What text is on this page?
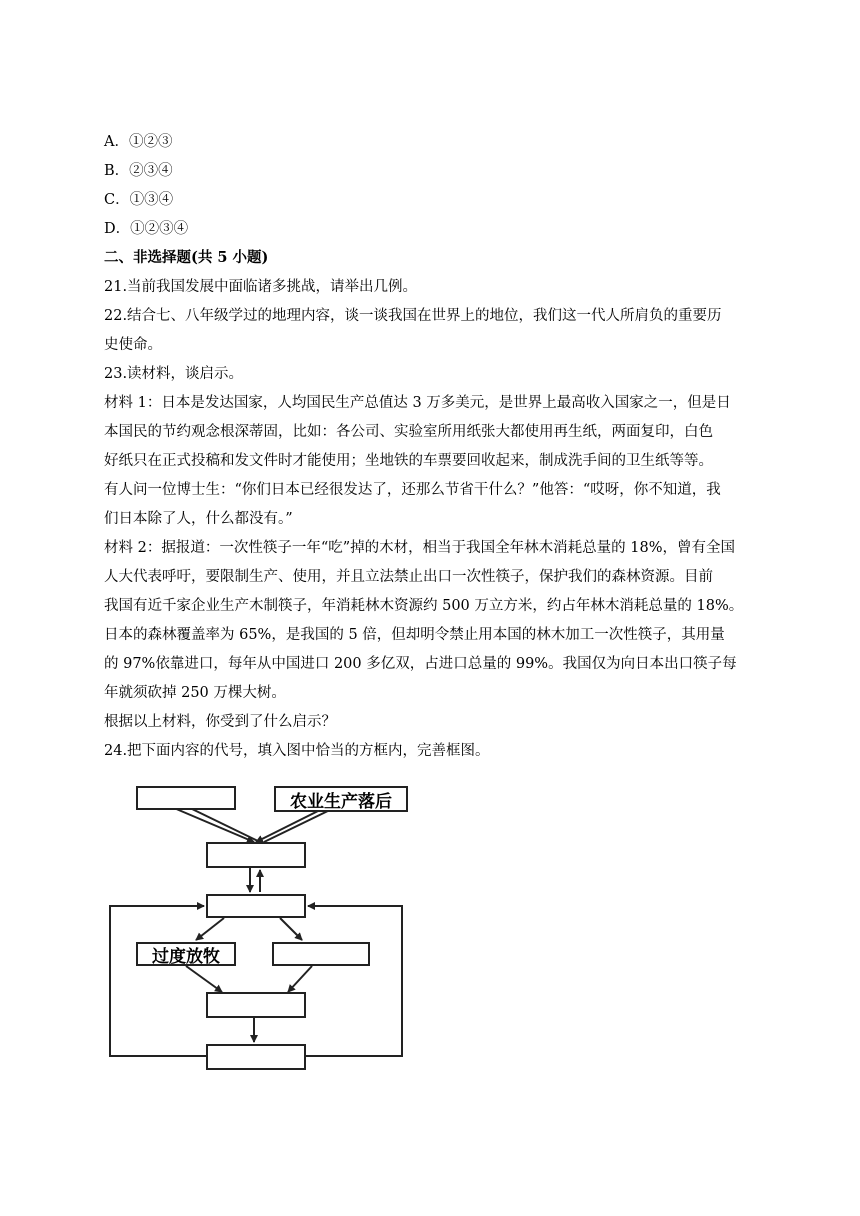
A．①②③
B．②③④
C．①③④
D．①②③④
二、非选择题(共 5 小题)
21.当前我国发展中面临诸多挑战，请举出几例。
22.结合七、八年级学过的地理内容，谈一谈我国在世界上的地位，我们这一代人所肩负的重要历
史使命。
23.读材料，谈启示。
材料 1：日本是发达国家，人均国民生产总值达 3 万多美元，是世界上最高收入国家之一，但是日
本国民的节约观念根深蒂固，比如：各公司、实验室所用纸张大都使用再生纸，两面复印，白色
好纸只在正式投稿和发文件时才能使用；坐地铁的车票要回收起来，制成洗手间的卫生纸等等。
有人问一位博士生：“你们日本已经很发达了，还那么节省干什么？”他答：“哎呀，你不知道，我
们日本除了人，什么都没有。”
材料 2：据报道：一次性筷子一年“吃”掉的木材，相当于我国全年林木消耗总量的 18%，曾有全国
人大代表呼吁，要限制生产、使用，并且立法禁止出口一次性筷子，保护我们的森林资源。目前
我国有近千家企业生产木制筷子，年消耗林木资源约 500 万立方米，约占年林木消耗总量的 18%。
日本的森林覆盖率为 65%，是我国的 5 倍，但却明令禁止用本国的林木加工一次性筷子，其用量
的 97%依靠进口，每年从中国进口 200 多亿双，占进口总量的 99%。我国仅为向日本出口筷子每
年就须砍掉 250 万棵大树。
根据以上材料，你受到了什么启示？
24.把下面内容的代号，填入图中恰当的方框内，完善框图。
农业生产落后
过度放牧
